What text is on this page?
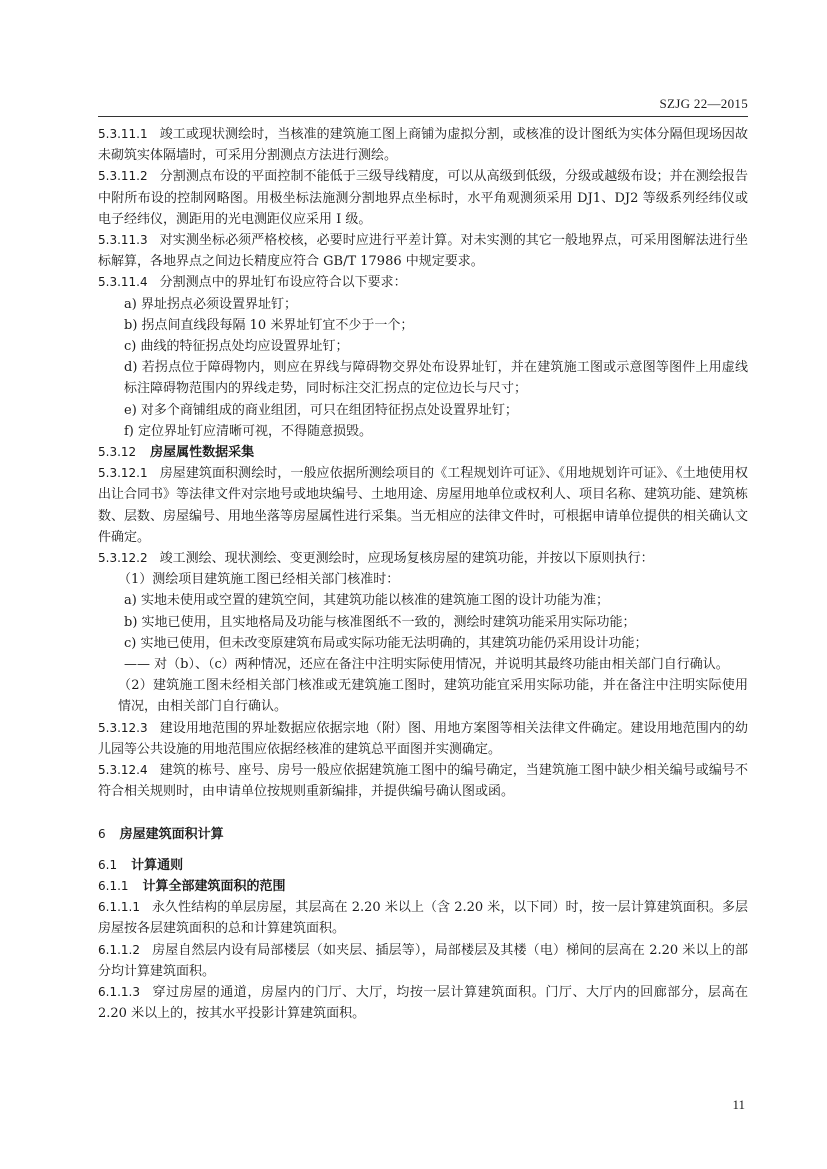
SZJG 22—2015

5.3.11.1 竣工或现状测绘时，当核准的建筑施工图上商铺为虚拟分割，或核准的设计图纸为实体分隔但现场因故未砌筑实体隔墙时，可采用分割测点方法进行测绘。

5.3.11.2 分割测点布设的平面控制不能低于三级导线精度，可以从高级到低级，分级或越级布设；并在测绘报告中附所布设的控制网略图。用极坐标法施测分割地界点坐标时，水平角观测须采用 DJ1、DJ2 等级系列经纬仪或电子经纬仪，测距用的光电测距仪应采用 I 级。

5.3.11.3 对实测坐标必须严格校核，必要时应进行平差计算。对未实测的其它一般地界点，可采用图解法进行坐标解算，各地界点之间边长精度应符合 GB/T 17986 中规定要求。

5.3.11.4 分割测点中的界址钉布设应符合以下要求：

a) 界址拐点必须设置界址钉；

b) 拐点间直线段每隔 10 米界址钉宜不少于一个；

c) 曲线的特征拐点处均应设置界址钉；

d) 若拐点位于障碍物内，则应在界线与障碍物交界处布设界址钉，并在建筑施工图或示意图等图件上用虚线标注障碍物范围内的界线走势，同时标注交汇拐点的定位边长与尺寸；

e) 对多个商铺组成的商业组团，可只在组团特征拐点处设置界址钉；

f) 定位界址钉应清晰可视，不得随意损毁。

5.3.12 房屋属性数据采集

5.3.12.1 房屋建筑面积测绘时，一般应依据所测绘项目的《工程规划许可证》、《用地规划许可证》、《土地使用权出让合同书》等法律文件对宗地号或地块编号、土地用途、房屋用地单位或权利人、项目名称、建筑功能、建筑栋数、层数、房屋编号、用地坐落等房屋属性进行采集。当无相应的法律文件时，可根据申请单位提供的相关确认文件确定。

5.3.12.2 竣工测绘、现状测绘、变更测绘时，应现场复核房屋的建筑功能，并按以下原则执行：

（1）测绘项目建筑施工图已经相关部门核准时：

a) 实地未使用或空置的建筑空间，其建筑功能以核准的建筑施工图的设计功能为准；

b) 实地已使用，且实地格局及功能与核准图纸不一致的，测绘时建筑功能采用实际功能；

c) 实地已使用，但未改变原建筑布局或实际功能无法明确的，其建筑功能仍采用设计功能；

—— 对（b）、（c）两种情况，还应在备注中注明实际使用情况，并说明其最终功能由相关部门自行确认。

（2）建筑施工图未经相关部门核准或无建筑施工图时，建筑功能宜采用实际功能，并在备注中注明实际使用情况，由相关部门自行确认。

5.3.12.3 建设用地范围的界址数据应依据宗地（附）图、用地方案图等相关法律文件确定。建设用地范围内的幼儿园等公共设施的用地范围应依据经核准的建筑总平面图并实测确定。

5.3.12.4 建筑的栋号、座号、房号一般应依据建筑施工图中的编号确定，当建筑施工图中缺少相关编号或编号不符合相关规则时，由申请单位按规则重新编排，并提供编号确认图或函。

6 房屋建筑面积计算

6.1 计算通则

6.1.1 计算全部建筑面积的范围

6.1.1.1 永久性结构的单层房屋，其层高在 2.20 米以上（含 2.20 米，以下同）时，按一层计算建筑面积。多层房屋按各层建筑面积的总和计算建筑面积。

6.1.1.2 房屋自然层内设有局部楼层（如夹层、插层等），局部楼层及其楼（电）梯间的层高在 2.20 米以上的部分均计算建筑面积。

6.1.1.3 穿过房屋的通道，房屋内的门厅、大厅，均按一层计算建筑面积。门厅、大厅内的回廊部分，层高在 2.20 米以上的，按其水平投影计算建筑面积。

11
